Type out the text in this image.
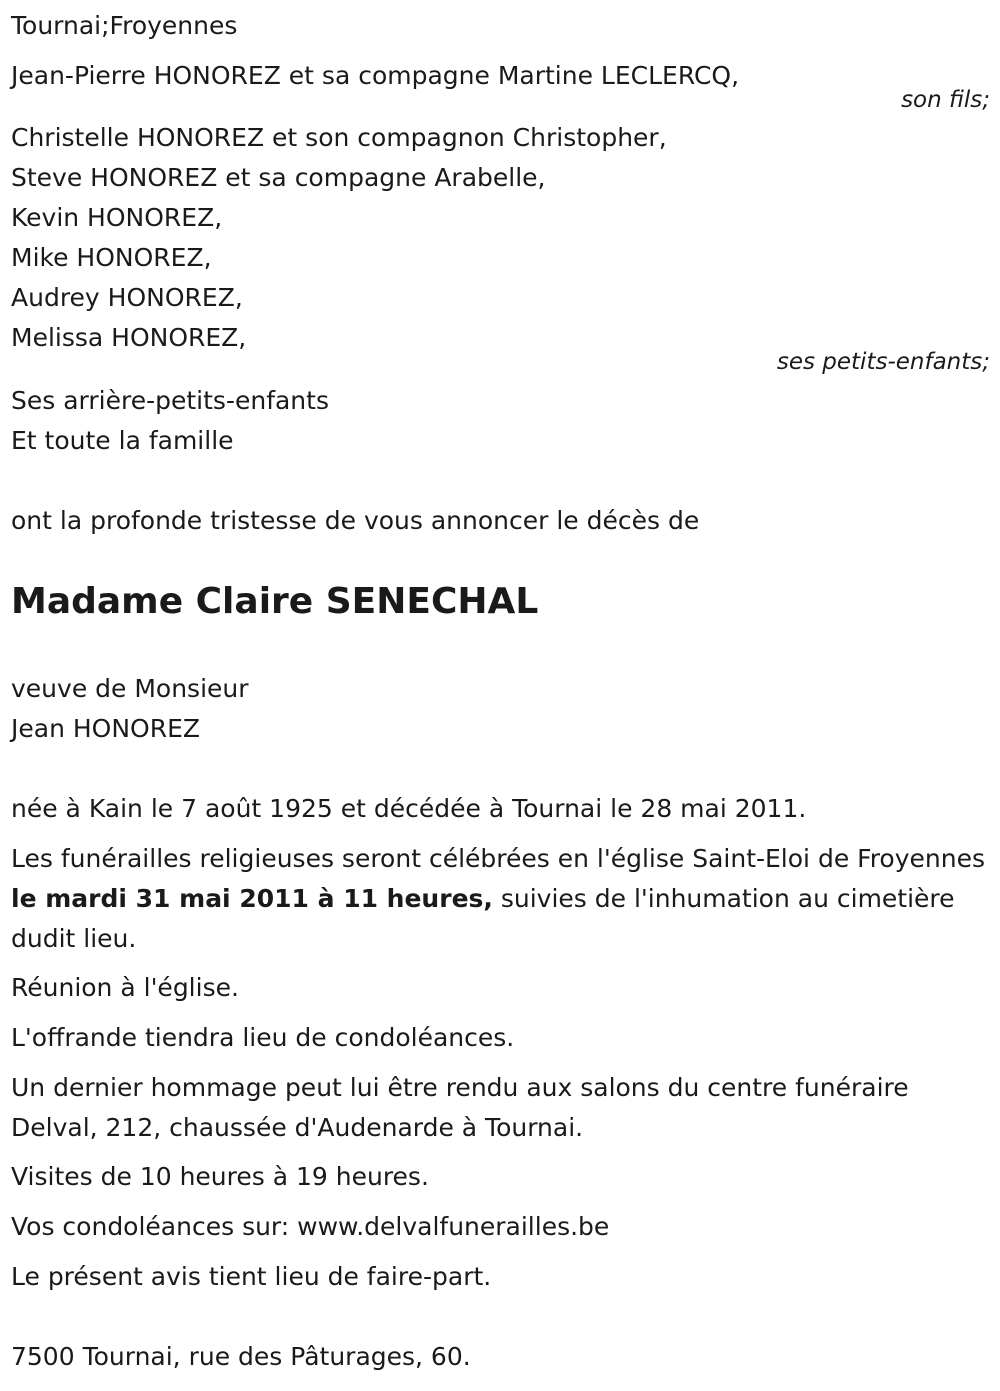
Tournai;Froyennes
Jean-Pierre HONOREZ et sa compagne Martine LECLERCQ,
son fils;
Christelle HONOREZ et son compagnon Christopher,
Steve HONOREZ et sa compagne Arabelle,
Kevin HONOREZ,
Mike HONOREZ,
Audrey HONOREZ,
Melissa HONOREZ,
ses petits-enfants;
Ses arrière-petits-enfants
Et toute la famille
ont la profonde tristesse de vous annoncer le décès de
Madame Claire SENECHAL
veuve de Monsieur
Jean HONOREZ
née à Kain le 7 août 1925 et décédée à Tournai le 28 mai 2011.
Les funérailles religieuses seront célébrées en l'église Saint-Eloi de Froyennes le mardi 31 mai 2011 à 11 heures, suivies de l'inhumation au cimetière dudit lieu.
Réunion à l'église.
L'offrande tiendra lieu de condoléances.
Un dernier hommage peut lui être rendu aux salons du centre funéraire Delval, 212, chaussée d'Audenarde à Tournai.
Visites de 10 heures à 19 heures.
Vos condoléances sur: www.delvalfunerailles.be
Le présent avis tient lieu de faire-part.
7500 Tournai, rue des Pâturages, 60.
